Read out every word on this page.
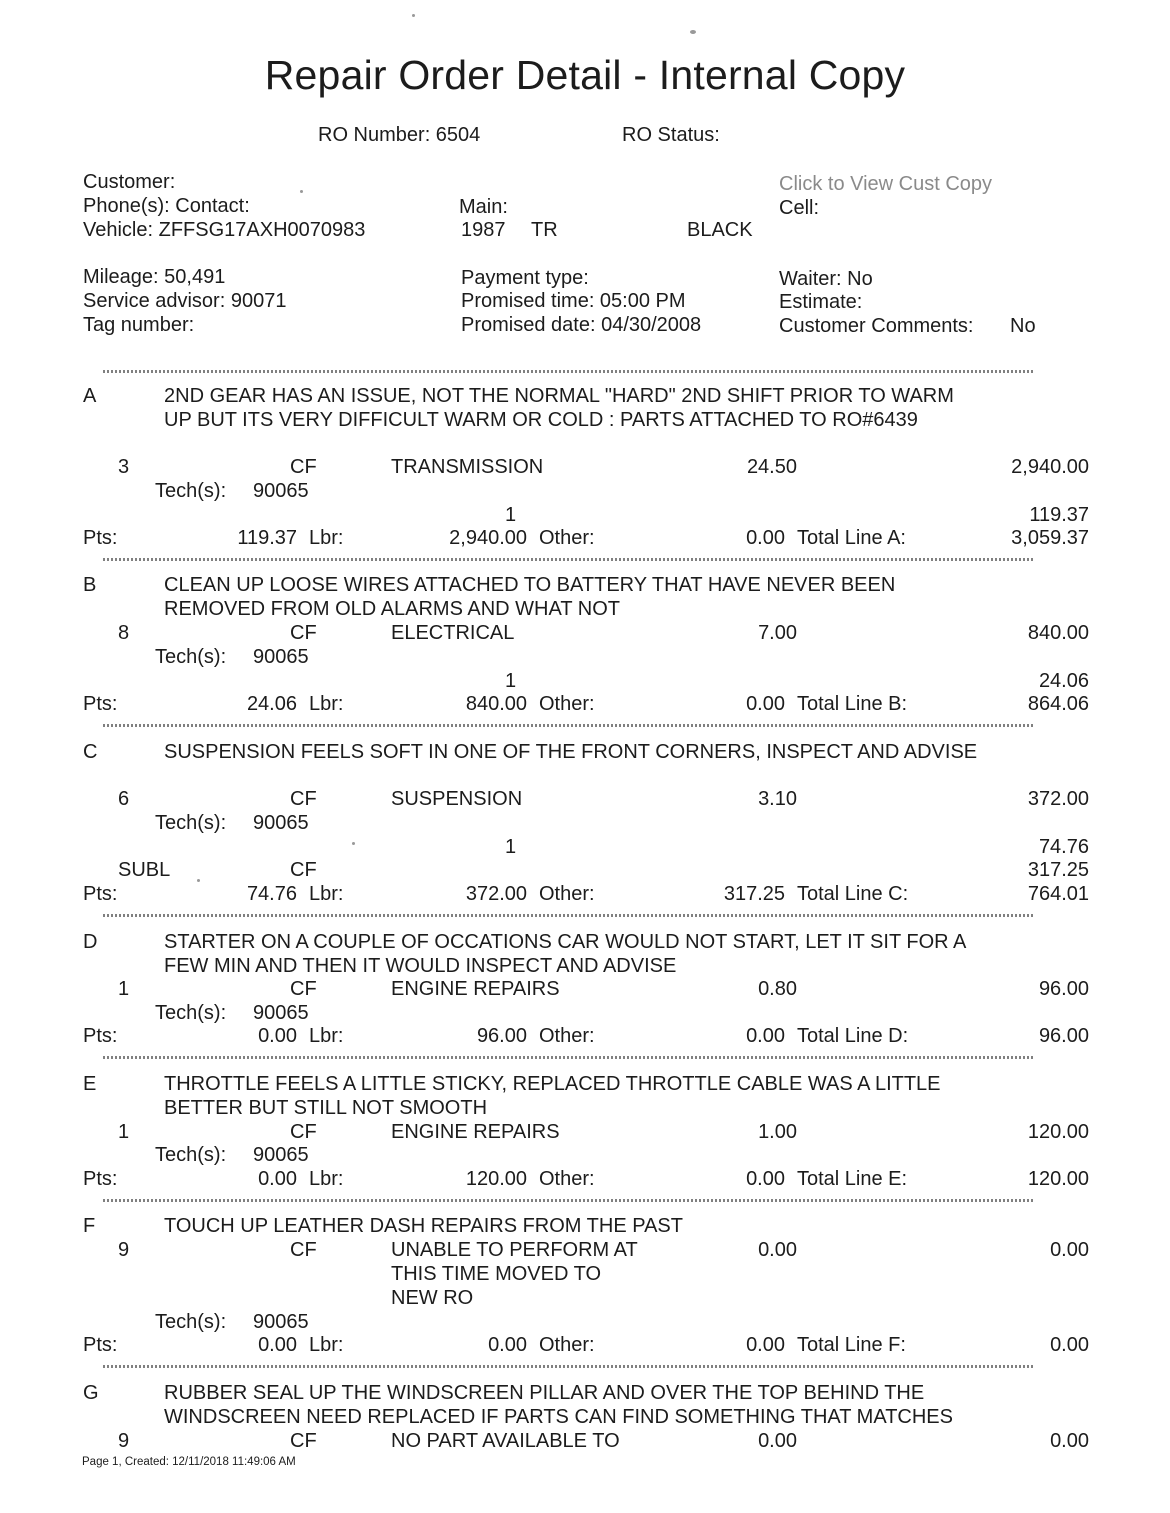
Repair Order Detail - Internal Copy
RO Number: 6504	RO Status:
Customer:
Phone(s): Contact:
Vehicle: ZFFSG17AXH0070983
Main:
1987 TR	BLACK
Click to View Cust Copy
Cell:
Mileage: 50,491
Service advisor: 90071
Tag number:
Payment type:
Promised time: 05:00 PM
Promised date: 04/30/2008
Waiter: No
Estimate:
Customer Comments: No
A	2ND GEAR HAS AN ISSUE, NOT THE NORMAL "HARD" 2ND SHIFT PRIOR TO WARM UP BUT ITS VERY DIFFICULT WARM OR COLD : PARTS ATTACHED TO RO#6439
3	CF	TRANSMISSION	24.50	2,940.00
Tech(s): 90065
1	119.37
Pts:	119.37 Lbr:	2,940.00 Other:	0.00 Total Line A:	3,059.37
B	CLEAN UP LOOSE WIRES ATTACHED TO BATTERY THAT HAVE NEVER BEEN REMOVED FROM OLD ALARMS AND WHAT NOT
8	CF	ELECTRICAL	7.00	840.00
Tech(s): 90065
1	24.06
Pts:	24.06 Lbr:	840.00 Other:	0.00 Total Line B:	864.06
C	SUSPENSION FEELS SOFT IN ONE OF THE FRONT CORNERS, INSPECT AND ADVISE
6	CF	SUSPENSION	3.10	372.00
Tech(s): 90065
1	74.76
SUBL	CF	317.25
Pts:	74.76 Lbr:	372.00 Other:	317.25 Total Line C:	764.01
D	STARTER ON A COUPLE OF OCCATIONS CAR WOULD NOT START, LET IT SIT FOR A FEW MIN AND THEN IT WOULD INSPECT AND ADVISE
1	CF	ENGINE REPAIRS	0.80	96.00
Tech(s): 90065
Pts:	0.00 Lbr:	96.00 Other:	0.00 Total Line D:	96.00
E	THROTTLE FEELS A LITTLE STICKY, REPLACED THROTTLE CABLE WAS A LITTLE BETTER BUT STILL NOT SMOOTH
1	CF	ENGINE REPAIRS	1.00	120.00
Tech(s): 90065
Pts:	0.00 Lbr:	120.00 Other:	0.00 Total Line E:	120.00
F	TOUCH UP LEATHER DASH REPAIRS FROM THE PAST
9	CF	UNABLE TO PERFORM AT
THIS TIME MOVED TO
NEW RO
0.00	0.00
Tech(s): 90065
Pts:	0.00 Lbr:	0.00 Other:	0.00 Total Line F:	0.00
G	RUBBER SEAL UP THE WINDSCREEN PILLAR AND OVER THE TOP BEHIND THE
WINDSCREEN NEED REPLACED IF PARTS CAN FIND SOMETHING THAT MATCHES
9	CF	NO PART AVAILABLE TO	0.00	0.00
Page 1, Created: 12/11/2018 11:49:06 AM
